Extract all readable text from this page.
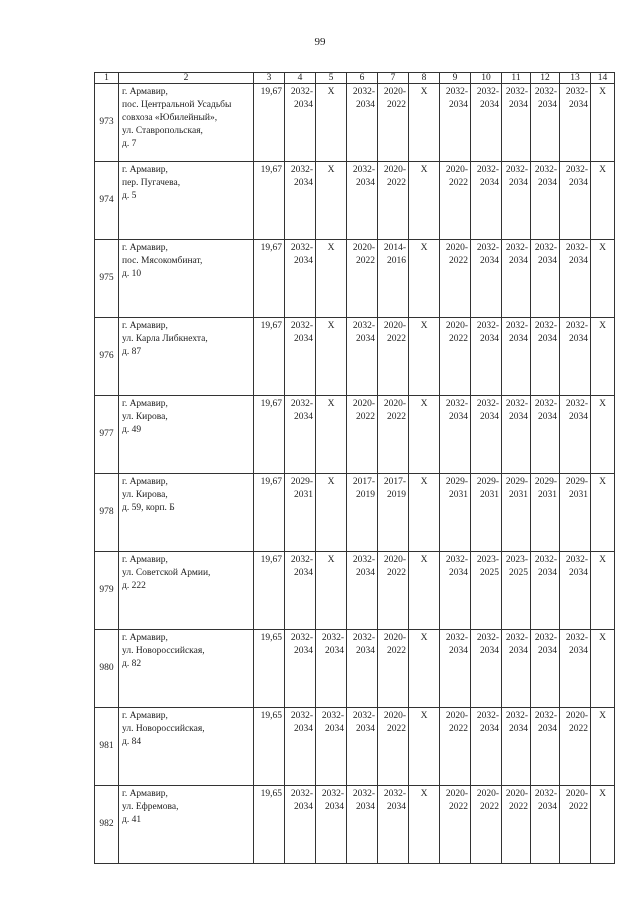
99
1	2	3	4	5	6	7	8	9	10	11	12	13	14
973	г. Армавир,
пос. Центральной Усадьбы
совхоза «Юбилейный»,
ул. Ставропольская,
д. 7	19,67	2032-
2034	X	2032-
2034	2020-
2022	X	2032-
2034	2032-
2034	2032-
2034	2032-
2034	2032-
2034	X

974	г. Армавир,
пер. Пугачева,
д. 5	19,67	2032-
2034	X	2032-
2034	2020-
2022	X	2020-
2022	2032-
2034	2032-
2034	2032-
2034	2032-
2034	X

975	г. Армавир,
пос. Мясокомбинат,
д. 10	19,67	2032-
2034	X	2020-
2022	2014-
2016	X	2020-
2022	2032-
2034	2032-
2034	2032-
2034	2032-
2034	X

976	г. Армавир,
ул. Карла Либкнехта,
д. 87	19,67	2032-
2034	X	2032-
2034	2020-
2022	X	2020-
2022	2032-
2034	2032-
2034	2032-
2034	2032-
2034	X

977	г. Армавир,
ул. Кирова,
д. 49	19,67	2032-
2034	X	2020-
2022	2020-
2022	X	2032-
2034	2032-
2034	2032-
2034	2032-
2034	2032-
2034	X

978	г. Армавир,
ул. Кирова,
д. 59, корп. Б	19,67	2029-
2031	X	2017-
2019	2017-
2019	X	2029-
2031	2029-
2031	2029-
2031	2029-
2031	2029-
2031	X

979	г. Армавир,
ул. Советской Армии,
д. 222	19,67	2032-
2034	X	2032-
2034	2020-
2022	X	2032-
2034	2023-
2025	2023-
2025	2032-
2034	2032-
2034	X

980	г. Армавир,
ул. Новороссийская,
д. 82	19,65	2032-
2034	2032-
2034	2032-
2034	2020-
2022	X	2032-
2034	2032-
2034	2032-
2034	2032-
2034	2032-
2034	X

981	г. Армавир,
ул. Новороссийская,
д. 84	19,65	2032-
2034	2032-
2034	2032-
2034	2020-
2022	X	2020-
2022	2032-
2034	2032-
2034	2032-
2034	2020-
2022	X

982	г. Армавир,
ул. Ефремова,
д. 41	19,65	2032-
2034	2032-
2034	2032-
2034	2032-
2034	X	2020-
2022	2020-
2022	2020-
2022	2032-
2034	2020-
2022	X
